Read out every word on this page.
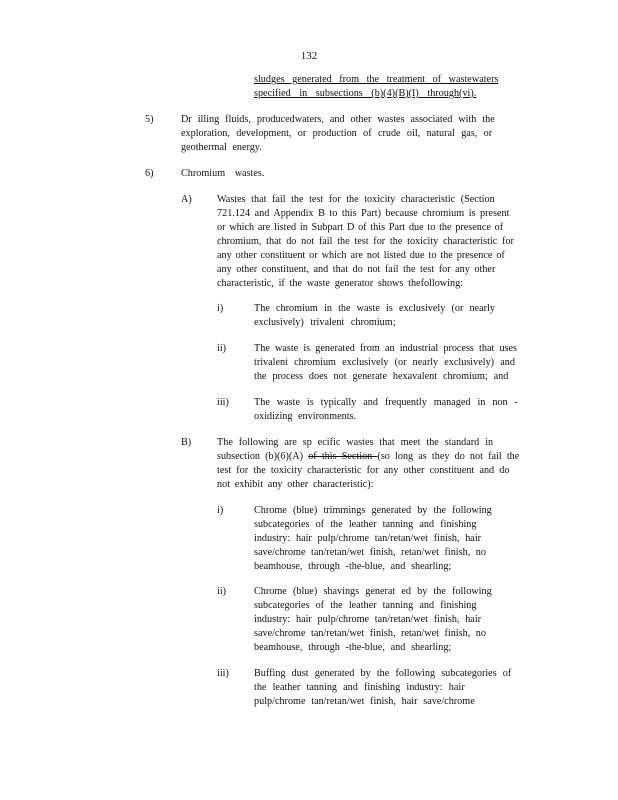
132
sludges generated from the treatment of wastewaters
specified in subsections (b)(4)(B)(I) through(vi).
5)	Dr illing fluids, producedwaters, and other wastes associated with the
exploration, development, or production of crude oil, natural gas, or
geothermal energy.
6)	Chromium wastes.
A) Wastes that fail the test for the toxicity characteristic (Section
721.124 and Appendix B to this Part) because chromium is present
or which are listed in Subpart D of this Part due to the presence of
chromium, that do not fail the test for the toxicity characteristic for
any other constituent or which are not listed due to the presence of
any other constituent, and that do not fail the test for any other
characteristic, if the waste generator shows thefollowing:
i)	The chromium in the waste is exclusively (or nearly
exclusively) trivalent chromium;
ii)	The waste is generated from an industrial process that uses
trivalent chromium exclusively (or nearly exclusively) and
the process does not generate hexavalent chromium; and
iii) The waste is typically and frequently managed in non -
oxidizing environments.
B)	The following are sp ecific wastes that meet the standard in
subsection (b)(6)(A) of this Section (so long as they do not fail the
test for the toxicity characteristic for any other constituent and do
not exhibit any other characteristic):
i)	Chrome (blue) trimmings generated by the following
subcategories of the leather tanning and finishing
industry: hair pulp/chrome tan/retan/wet finish, hair
save/chrome tan/retan/wet finish, retan/wet finish, no
beamhouse, through -the-blue, and shearling;
ii)	Chrome (blue) shavings generat ed by the following
subcategories of the leather tanning and finishing
industry: hair pulp/chrome tan/retan/wet finish, hair
save/chrome tan/retan/wet finish, retan/wet finish, no
beamhouse, through -the-blue, and shearling;
iii) Buffing dust generated by the following subcategories of
the leather tanning and finishing industry: hair
pulp/chrome tan/retan/wet finish, hair save/chrome
